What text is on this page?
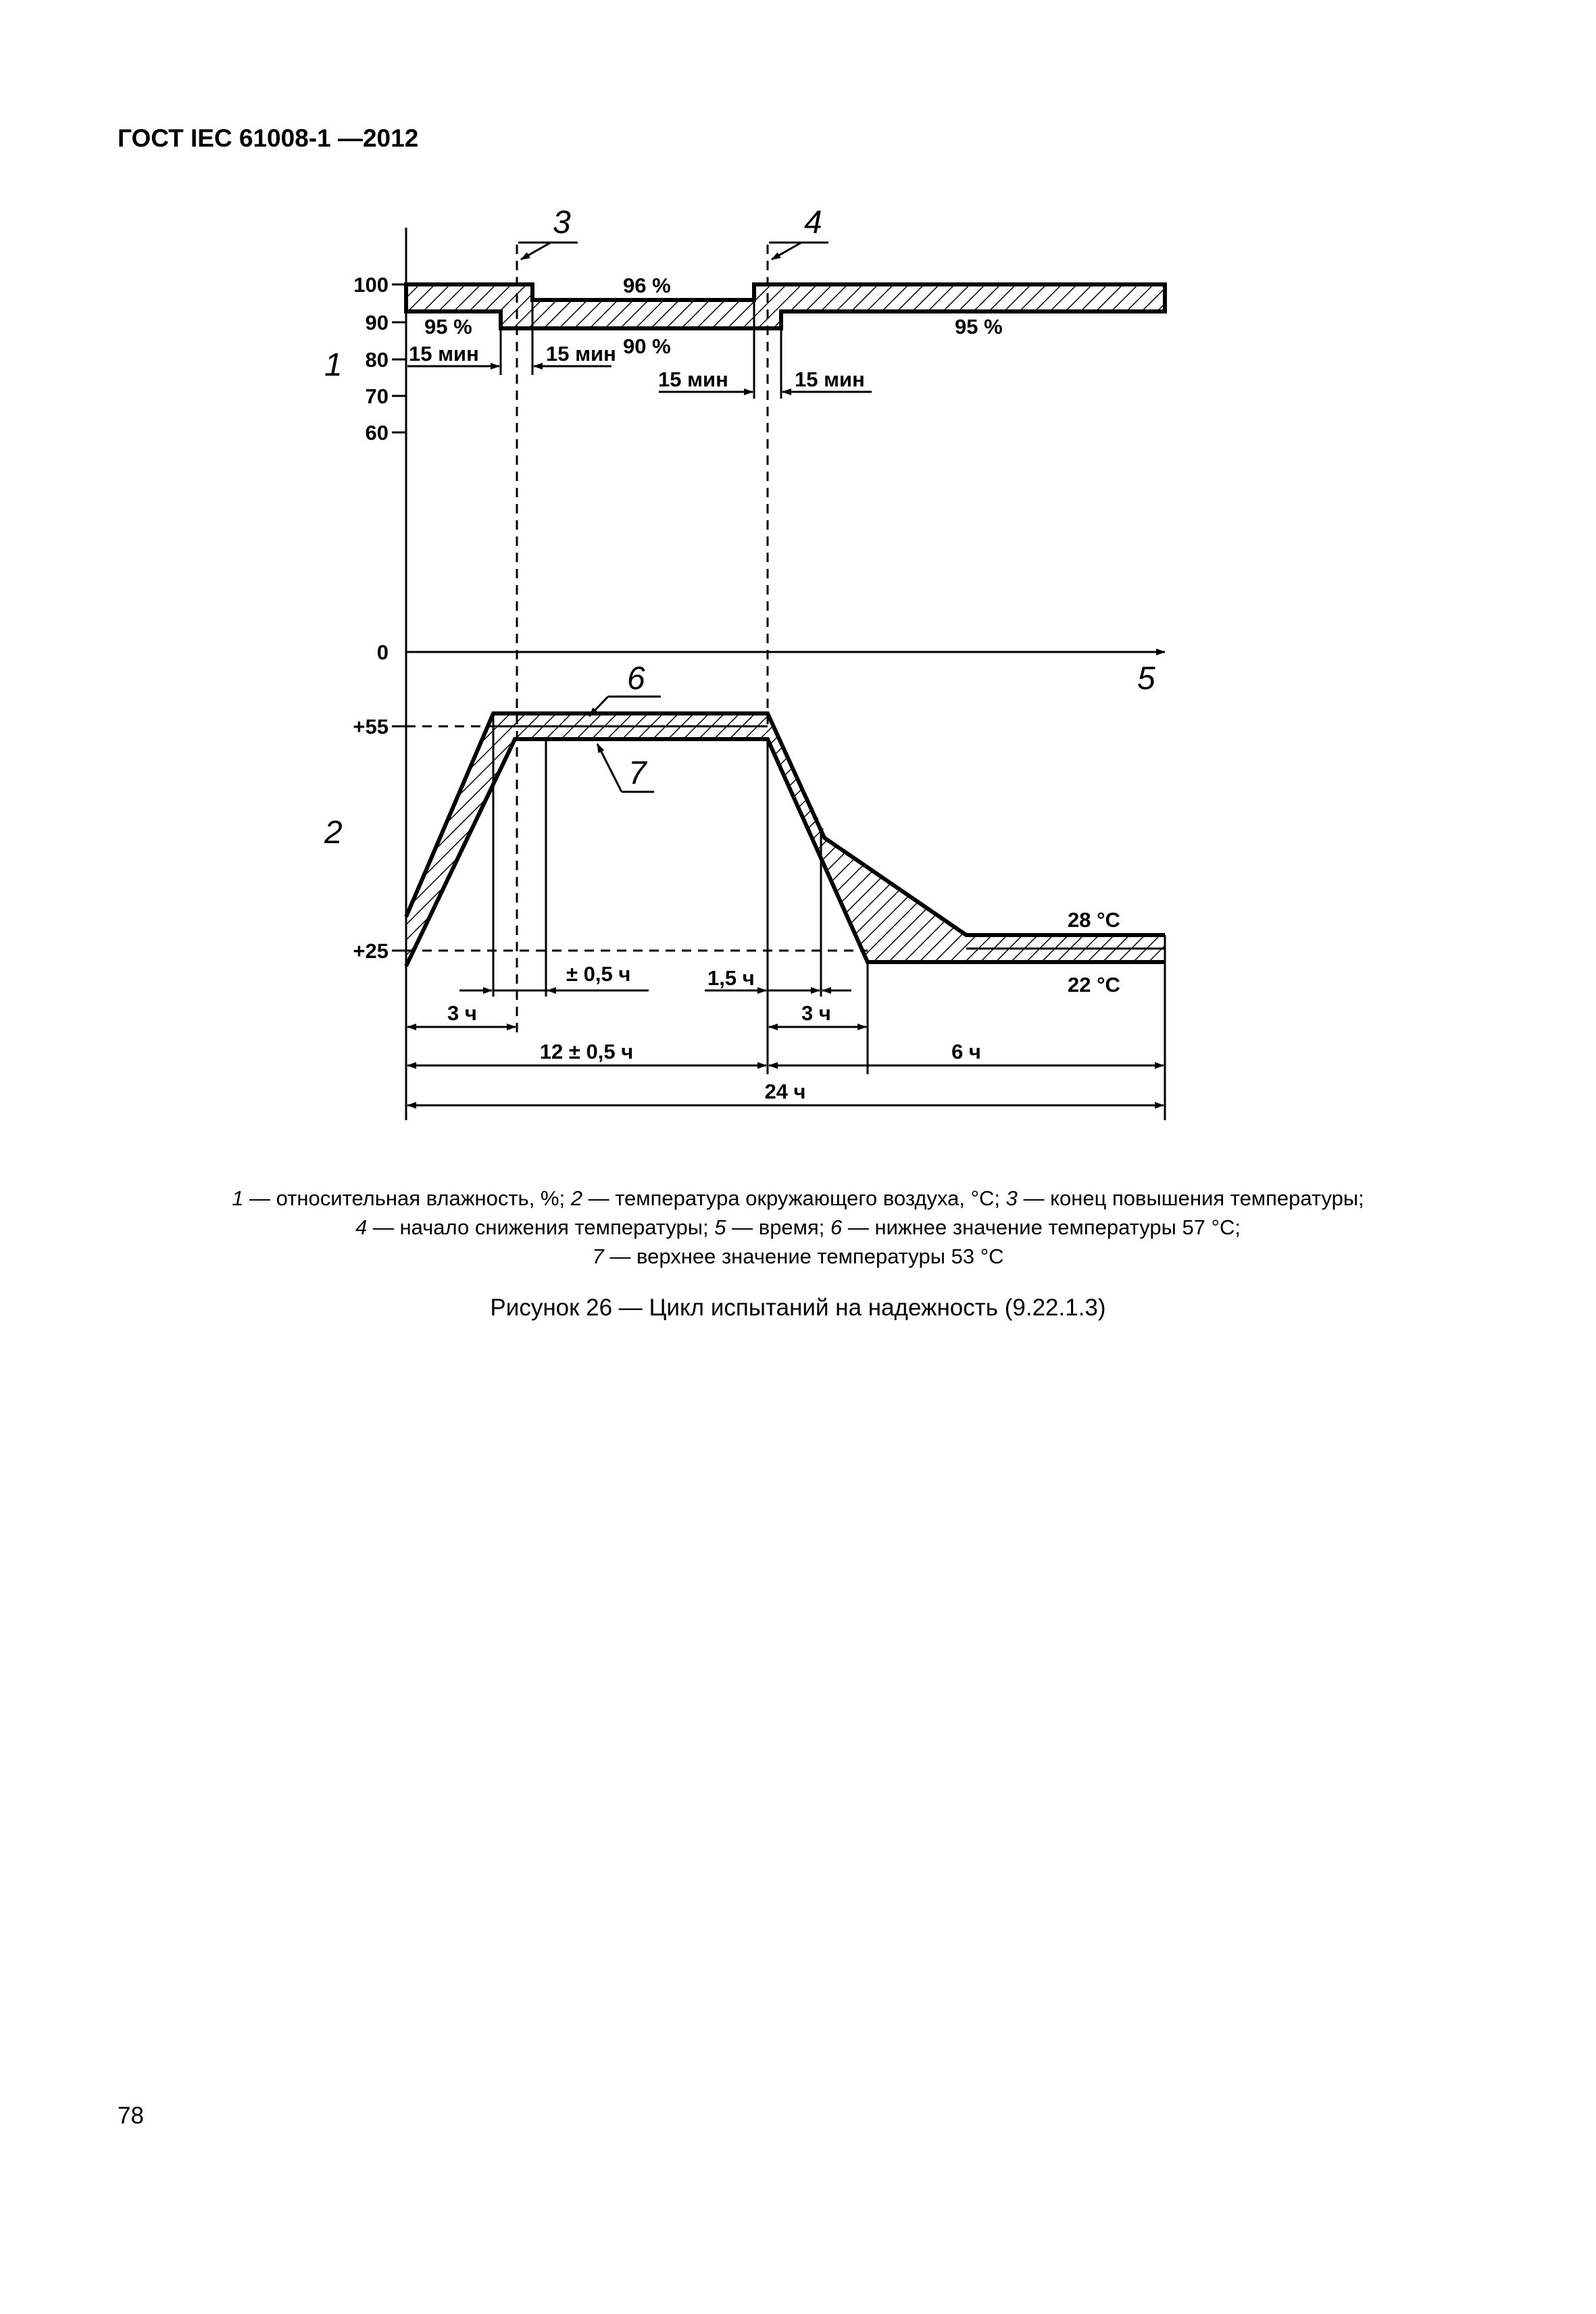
ГОСТ IEC 61008-1 —2012
100
90
80
70
60
0
+55
+25
1
2
15 мин	15 мин
15 мин	15 мин
95 %
96 %
90 %
95 %
3	4
5
6
7
28 °C
22 °C
± 0,5 ч	1,5 ч
3 ч	3 ч
12 ± 0,5 ч	6 ч
24 ч
1 — относительная влажность, %; 2 — температура окружающего воздуха, °C; 3 — конец повышения температуры;
4 — начало снижения температуры; 5 — время; 6 — нижнее значение температуры 57 °C;
7 — верхнее значение температуры 53 °C
Рисунок 26 — Цикл испытаний на надежность (9.22.1.3)
78
